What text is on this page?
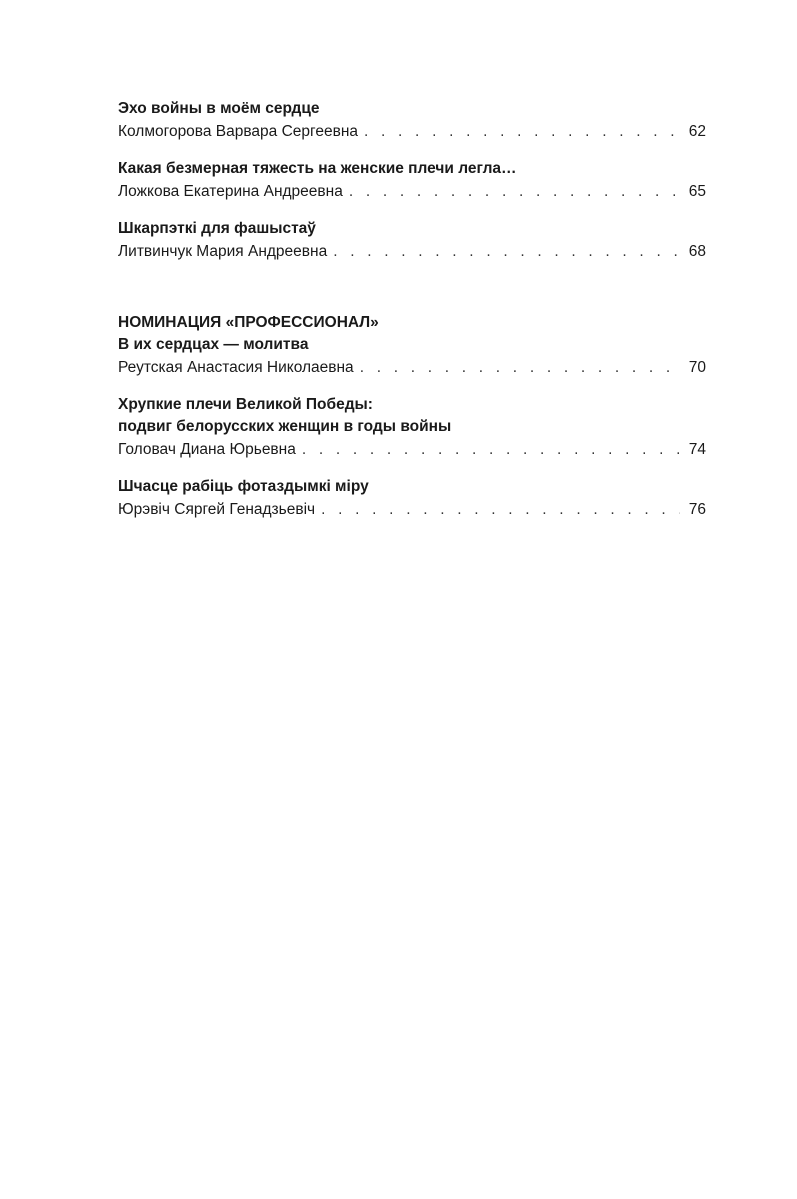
Эхо войны в моём сердце
Колмогорова Варвара Сергеевна . . .	62
Какая безмерная тяжесть на женские плечи легла…
Ложкова Екатерина Андреевна . . .	65
Шкарпэткі для фашыстаў
Литвинчук Мария Андреевна . . .	68
НОМИНАЦИЯ «ПРОФЕССИОНАЛ»
В их сердцах — молитва
Реутская Анастасия Николаевна . . .	70
Хрупкие плечи Великой Победы:
подвиг белорусских женщин в годы войны
Головач Диана Юрьевна . . .	74
Шчасце рабіць фотаздымкі міру
Юрэвіч Сяргей Генадзьевіч . . .	76
